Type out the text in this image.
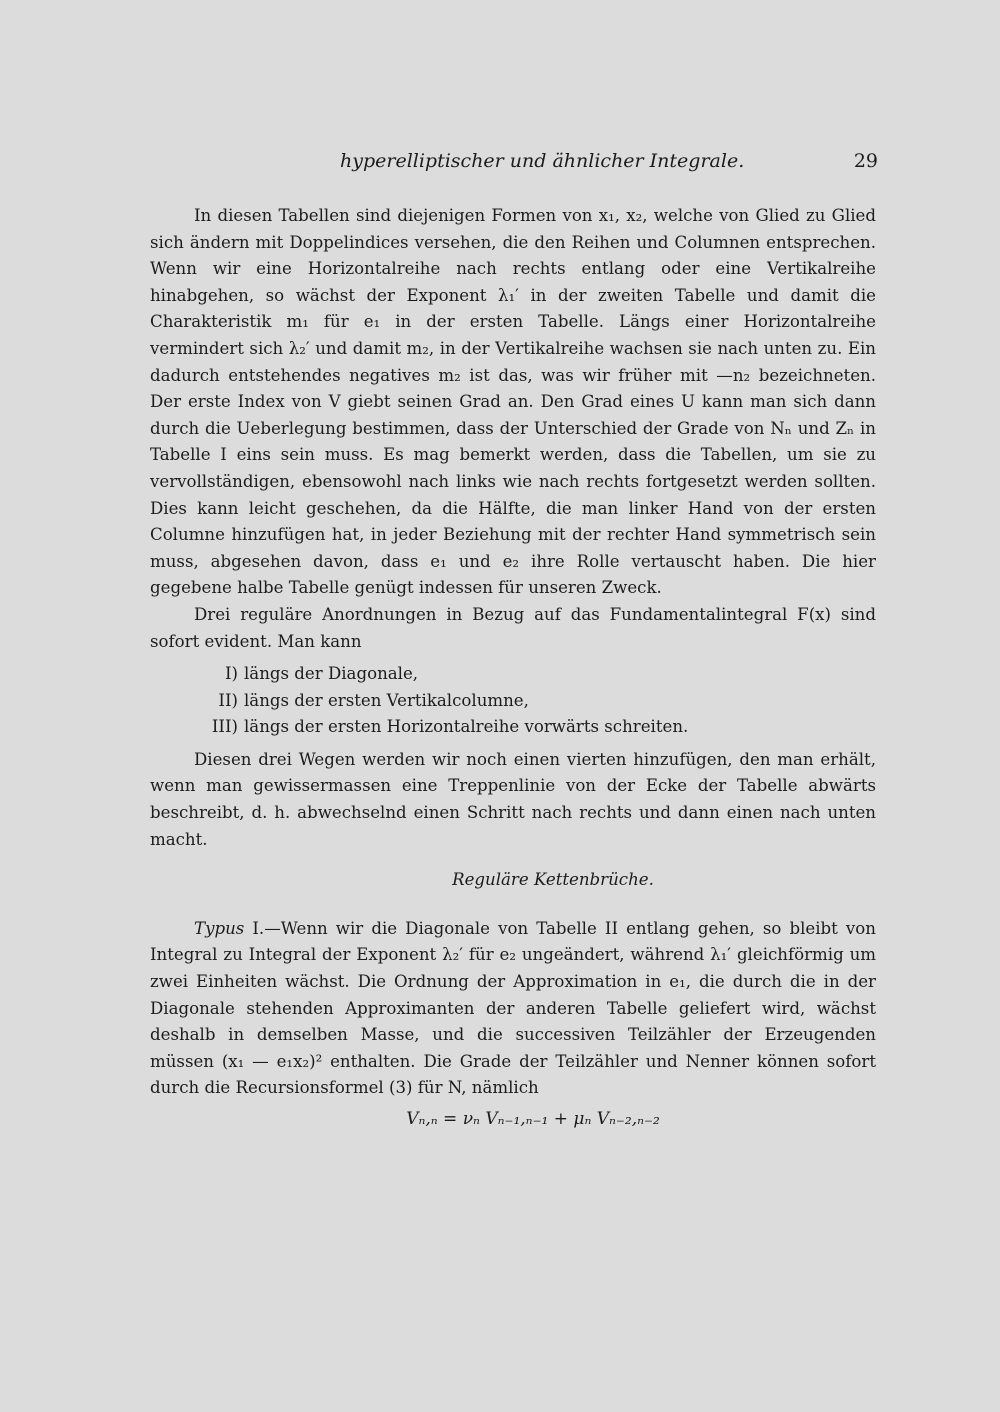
hyperelliptischer und ähnlicher Integrale.	29

In diesen Tabellen sind diejenigen Formen von x₁, x₂, welche von Glied zu Glied sich ändern mit Doppelindices versehen, die den Reihen und Columnen entsprechen. Wenn wir eine Horizontalreihe nach rechts entlang oder eine Vertikalreihe hinabgehen, so wächst der Exponent λ₁′ in der zweiten Tabelle und damit die Charakteristik m₁ für e₁ in der ersten Tabelle. Längs einer Horizontalreihe vermindert sich λ₂′ und damit m₂, in der Vertikalreihe wachsen sie nach unten zu. Ein dadurch entstehendes negatives m₂ ist das, was wir früher mit —n₂ bezeichneten. Der erste Index von V giebt seinen Grad an. Den Grad eines U kann man sich dann durch die Ueberlegung bestimmen, dass der Unterschied der Grade von Nₙ und Zₙ in Tabelle I eins sein muss. Es mag bemerkt werden, dass die Tabellen, um sie zu vervollständigen, ebensowohl nach links wie nach rechts fortgesetzt werden sollten. Dies kann leicht geschehen, da die Hälfte, die man linker Hand von der ersten Columne hinzufügen hat, in jeder Beziehung mit der rechter Hand symmetrisch sein muss, abgesehen davon, dass e₁ und e₂ ihre Rolle vertauscht haben. Die hier gegebene halbe Tabelle genügt indessen für unseren Zweck.

Drei reguläre Anordnungen in Bezug auf das Fundamentalintegral F(x) sind sofort evident. Man kann

I) längs der Diagonale,
II) längs der ersten Vertikalcolumne,
III) längs der ersten Horizontalreihe vorwärts schreiten.

Diesen drei Wegen werden wir noch einen vierten hinzufügen, den man erhält, wenn man gewissermassen eine Treppenlinie von der Ecke der Tabelle abwärts beschreibt, d. h. abwechselnd einen Schritt nach rechts und dann einen nach unten macht.

Reguläre Kettenbrüche.

Typus I.—Wenn wir die Diagonale von Tabelle II entlang gehen, so bleibt von Integral zu Integral der Exponent λ₂′ für e₂ ungeändert, während λ₁′ gleichförmig um zwei Einheiten wächst. Die Ordnung der Approximation in e₁, die durch die in der Diagonale stehenden Approximanten der anderen Tabelle geliefert wird, wächst deshalb in demselben Masse, und die successiven Teilzähler der Erzeugenden müssen (x₁ — e₁x₂)² enthalten. Die Grade der Teilzähler und Nenner können sofort durch die Recursionsformel (3) für N, nämlich

Vₙ,ₙ = νₙ Vₙ₋₁,ₙ₋₁ + μₙ Vₙ₋₂,ₙ₋₂
